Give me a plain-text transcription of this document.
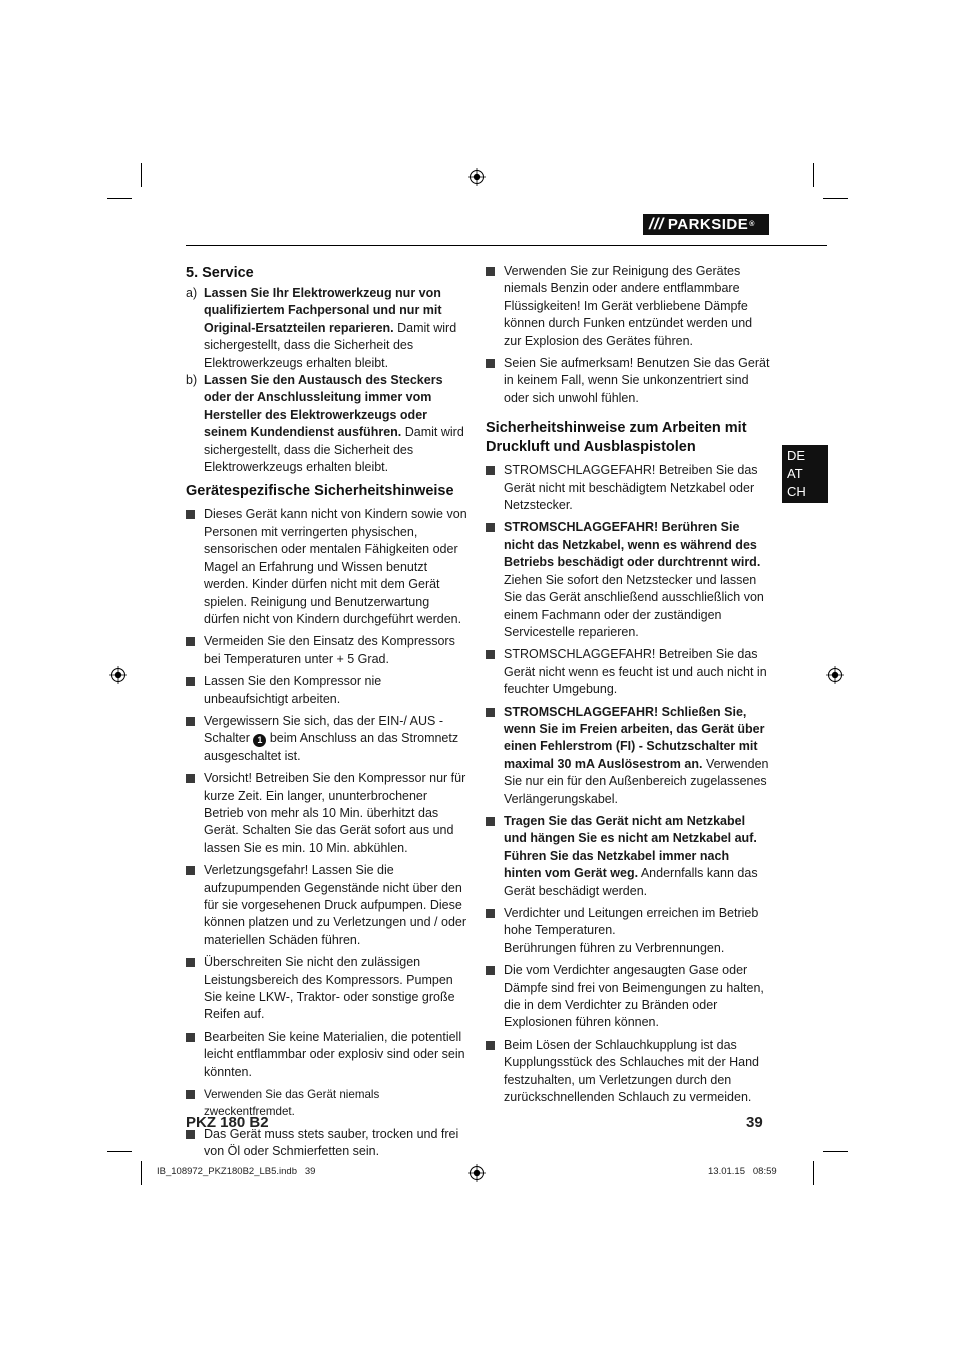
/// PARKSIDE ®
DE
AT
CH
5. Service
a) Lassen Sie Ihr Elektrowerkzeug nur von qualifiziertem Fachpersonal und nur mit Original-Ersatzteilen reparieren. Damit wird sichergestellt, dass die Sicherheit des Elektrowerkzeugs erhalten bleibt.
b) Lassen Sie den Austausch des Steckers oder der Anschlussleitung immer vom Hersteller des Elektrowerkzeugs oder seinem Kundendienst ausführen. Damit wird sichergestellt, dass die Sicherheit des Elektrowerkzeugs erhalten bleibt.
Gerätespezifische Sicherheitshinweise
Dieses Gerät kann nicht von Kindern sowie von Personen mit verringerten physischen, sensorischen oder mentalen Fähigkeiten oder Magel an Erfahrung und Wissen benutzt werden. Kinder dürfen nicht mit dem Gerät spielen. Reinigung und Benutzerwartung dürfen nicht von Kindern durchgeführt werden.
Vermeiden Sie den Einsatz des Kompressors bei Temperaturen unter + 5 Grad.
Lassen Sie den Kompressor nie unbeaufsichtigt arbeiten.
Vergewissern Sie sich, das der EIN-/ AUS - Schalter 1 beim Anschluss an das Stromnetz ausgeschaltet ist.
Vorsicht! Betreiben Sie den Kompressor nur für kurze Zeit. Ein langer, ununterbrochener Betrieb von mehr als 10 Min. überhitzt das Gerät. Schalten Sie das Gerät sofort aus und lassen Sie es min. 10 Min. abkühlen.
Verletzungsgefahr! Lassen Sie die aufzupumpenden Gegenstände nicht über den für sie vorgesehenen Druck aufpumpen. Diese können platzen und zu Verletzungen und / oder materiellen Schäden führen.
Überschreiten Sie nicht den zulässigen Leistungsbereich des Kompressors. Pumpen Sie keine LKW-, Traktor- oder sonstige große Reifen auf.
Bearbeiten Sie keine Materialien, die potentiell leicht entflammbar oder explosiv sind oder sein könnten.
Verwenden Sie das Gerät niemals zweckentfremdet.
Das Gerät muss stets sauber, trocken und frei von Öl oder Schmierfetten sein.
Verwenden Sie zur Reinigung des Gerätes niemals Benzin oder andere entflammbare Flüssigkeiten! Im Gerät verbliebene Dämpfe können durch Funken entzündet werden und zur Explosion des Gerätes führen.
Seien Sie aufmerksam! Benutzen Sie das Gerät in keinem Fall, wenn Sie unkonzentriert sind oder sich unwohl fühlen.
Sicherheitshinweise zum Arbeiten mit Druckluft und Ausblaspistolen
STROMSCHLAGGEFAHR! Betreiben Sie das Gerät nicht mit beschädigtem Netzkabel oder Netzstecker.
STROMSCHLAGGEFAHR! Berühren Sie nicht das Netzkabel, wenn es während des Betriebs beschädigt oder durchtrennt wird. Ziehen Sie sofort den Netzstecker und lassen Sie das Gerät anschließend ausschließlich von einem Fachmann oder der zuständigen Servicestelle reparieren.
STROMSCHLAGGEFAHR! Betreiben Sie das Gerät nicht wenn es feucht ist und auch nicht in feuchter Umgebung.
STROMSCHLAGGEFAHR! Schließen Sie, wenn Sie im Freien arbeiten, das Gerät über einen Fehlerstrom (FI) - Schutzschalter mit maximal 30 mA Auslösestrom an. Verwenden Sie nur ein für den Außenbereich zugelassenes Verlängerungskabel.
Tragen Sie das Gerät nicht am Netzkabel und hängen Sie es nicht am Netzkabel auf. Führen Sie das Netzkabel immer nach hinten vom Gerät weg. Andernfalls kann das Gerät beschädigt werden.
Verdichter und Leitungen erreichen im Betrieb hohe Temperaturen.
Berührungen führen zu Verbrennungen.
Die vom Verdichter angesaugten Gase oder Dämpfe sind frei von Beimengungen zu halten, die in dem Verdichter zu Bränden oder Explosionen führen können.
Beim Lösen der Schlauchkupplung ist das Kupplungsstück des Schlauches mit der Hand festzuhalten, um Verletzungen durch den zurückschnellenden Schlauch zu vermeiden.
PKZ 180 B2	39
IB_108972_PKZ180B2_LB5.indb   39	13.01.15   08:59
